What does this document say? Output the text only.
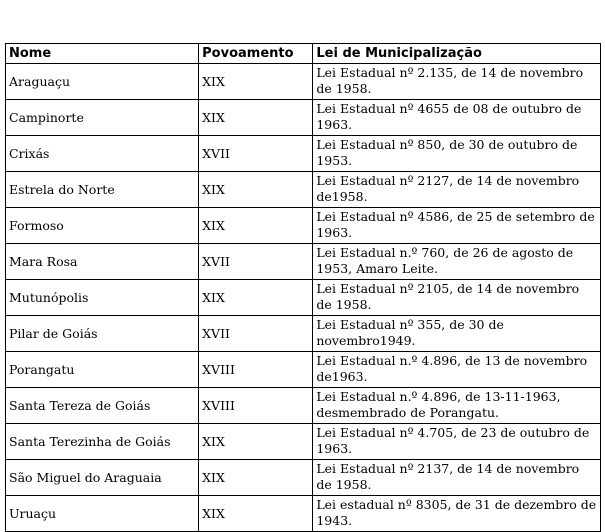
Nome	Povoamento	Lei de Municipalização
Araguaçu	XIX	Lei Estadual nº 2.135, de 14 de novembro de 1958.
Campinorte	XIX	Lei Estadual nº 4655 de 08 de outubro de 1963.
Crixás	XVII	Lei Estadual nº 850, de 30 de outubro de 1953.
Estrela do Norte	XIX	Lei Estadual nº 2127, de 14 de novembro de1958.
Formoso	XIX	Lei Estadual nº 4586, de 25 de setembro de 1963.
Mara Rosa	XVII	Lei Estadual n.º 760, de 26 de agosto de 1953, Amaro Leite.
Mutunópolis	XIX	Lei Estadual nº 2105, de 14 de novembro de 1958.
Pilar de Goiás	XVII	Lei Estadual nº 355, de 30 de novembro1949.
Porangatu	XVIII	Lei Estadual n.º 4.896, de 13 de novembro de1963.
Santa Tereza de Goiás	XVIII	Lei Estadual n.º 4.896, de 13-11-1963, desmembrado de Porangatu.
Santa Terezinha de Goiás	XIX	Lei Estadual nº 4.705, de 23 de outubro de 1963.
São Miguel do Araguaia	XIX	Lei Estadual nº 2137, de 14 de novembro de 1958.
Uruaçu	XIX	Lei estadual nº 8305, de 31 de dezembro de 1943.
